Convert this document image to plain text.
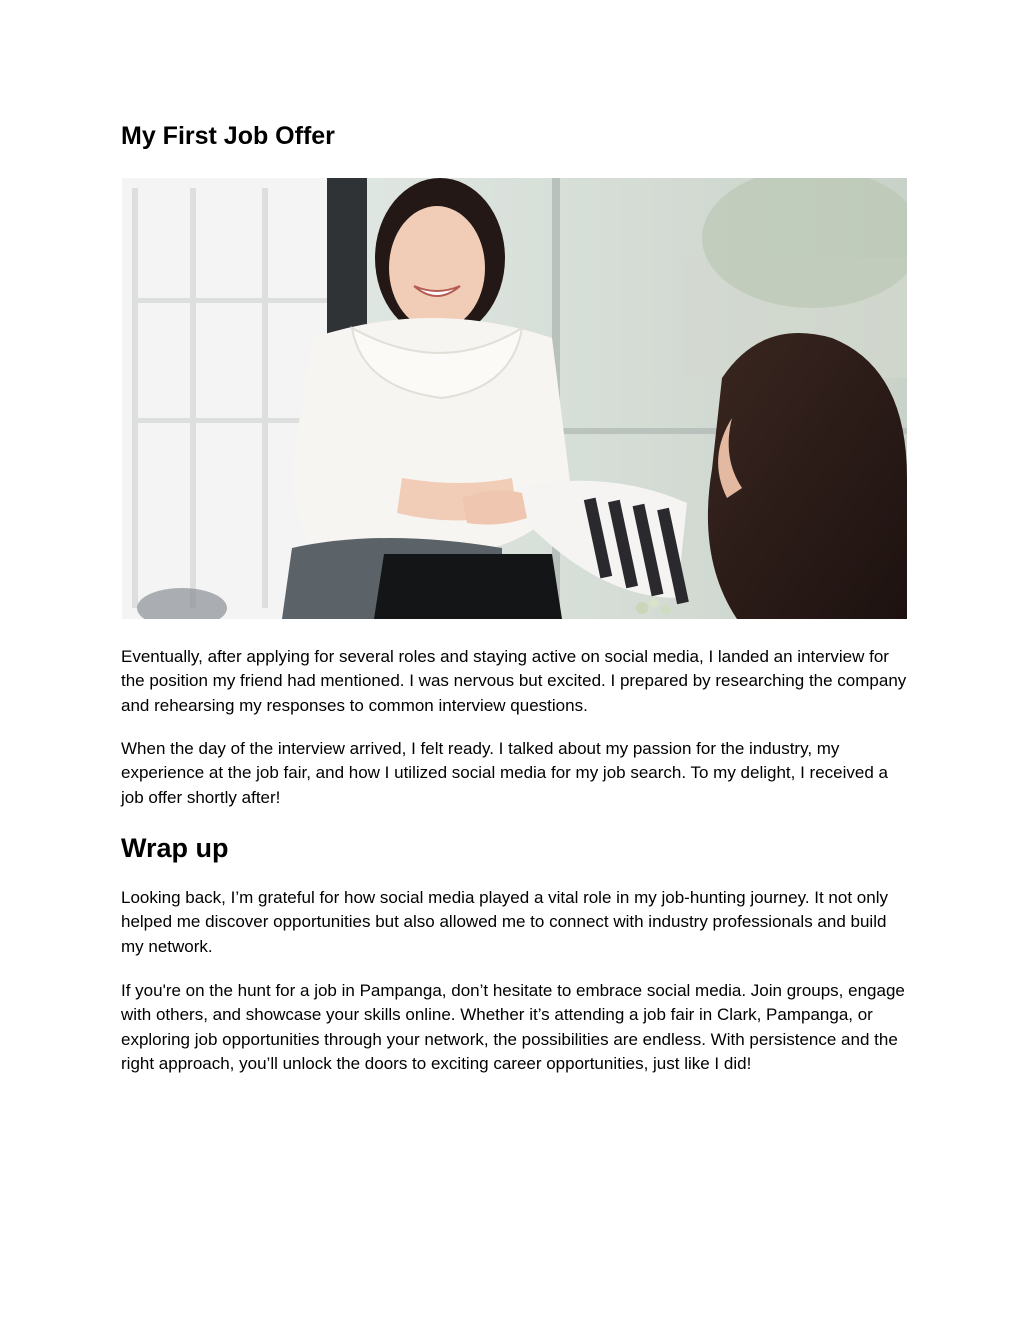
My First Job Offer

Eventually, after applying for several roles and staying active on social media, I landed an interview for the position my friend had mentioned. I was nervous but excited. I prepared by researching the company and rehearsing my responses to common interview questions.

When the day of the interview arrived, I felt ready. I talked about my passion for the industry, my experience at the job fair, and how I utilized social media for my job search. To my delight, I received a job offer shortly after!

Wrap up

Looking back, I’m grateful for how social media played a vital role in my job-hunting journey. It not only helped me discover opportunities but also allowed me to connect with industry professionals and build my network.

If you're on the hunt for a job in Pampanga, don’t hesitate to embrace social media. Join groups, engage with others, and showcase your skills online. Whether it’s attending a job fair in Clark, Pampanga, or exploring job opportunities through your network, the possibilities are endless. With persistence and the right approach, you’ll unlock the doors to exciting career opportunities, just like I did!
